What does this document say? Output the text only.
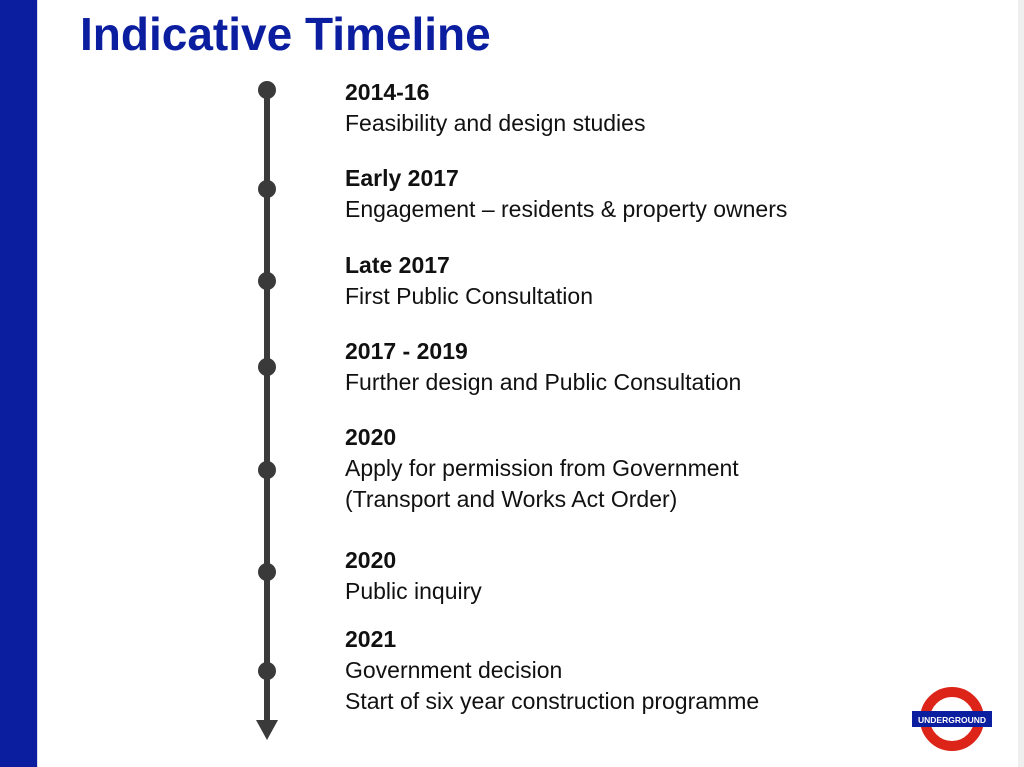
Indicative Timeline
2014-16
Feasibility and design studies
Early 2017
Engagement – residents & property owners
Late 2017
First Public Consultation
2017 - 2019
Further design and Public Consultation
2020
Apply for permission from Government
(Transport and Works Act Order)
2020
Public inquiry
2021
Government decision
Start of six year construction programme
UNDERGROUND
